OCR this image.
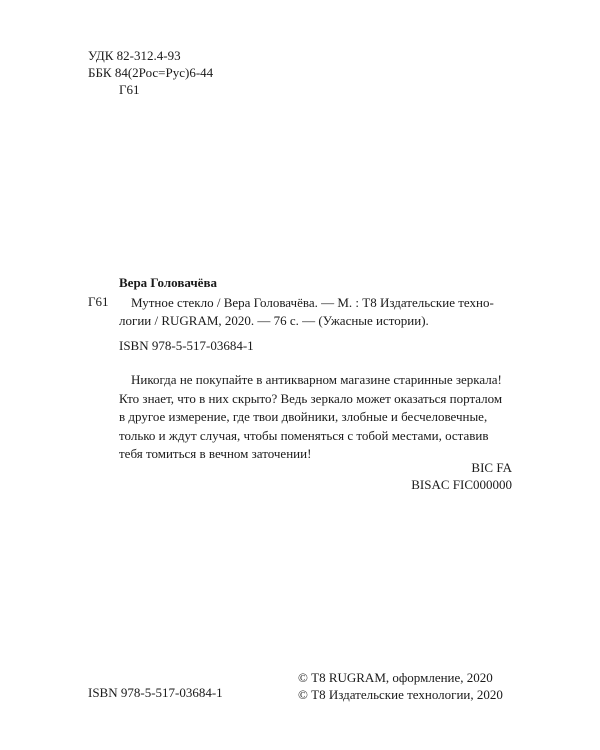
УДК 82-312.4-93
ББК 84(2Рос=Рус)6-44
Г61
Вера Головачёва
Г61	Мутное стекло / Вера Головачёва. — М. : Т8 Издательские техно-

логии / RUGRAM, 2020. — 76 с. — (Ужасные истории).

ISBN 978-5-517-03684-1

Никогда не покупайте в антикварном магазине старинные зеркала!

Кто знает, что в них скрыто? Ведь зеркало может оказаться порталом

в другое измерение, где твои двойники, злобные и бесчеловечные,

только и ждут случая, чтобы поменяться с тобой местами, оставив

тебя томиться в вечном заточении!

BIC FA
BISAC FIC000000
© Т8 RUGRAM, оформление, 2020
© Т8 Издательские технологии, 2020
ISBN 978-5-517-03684-1
